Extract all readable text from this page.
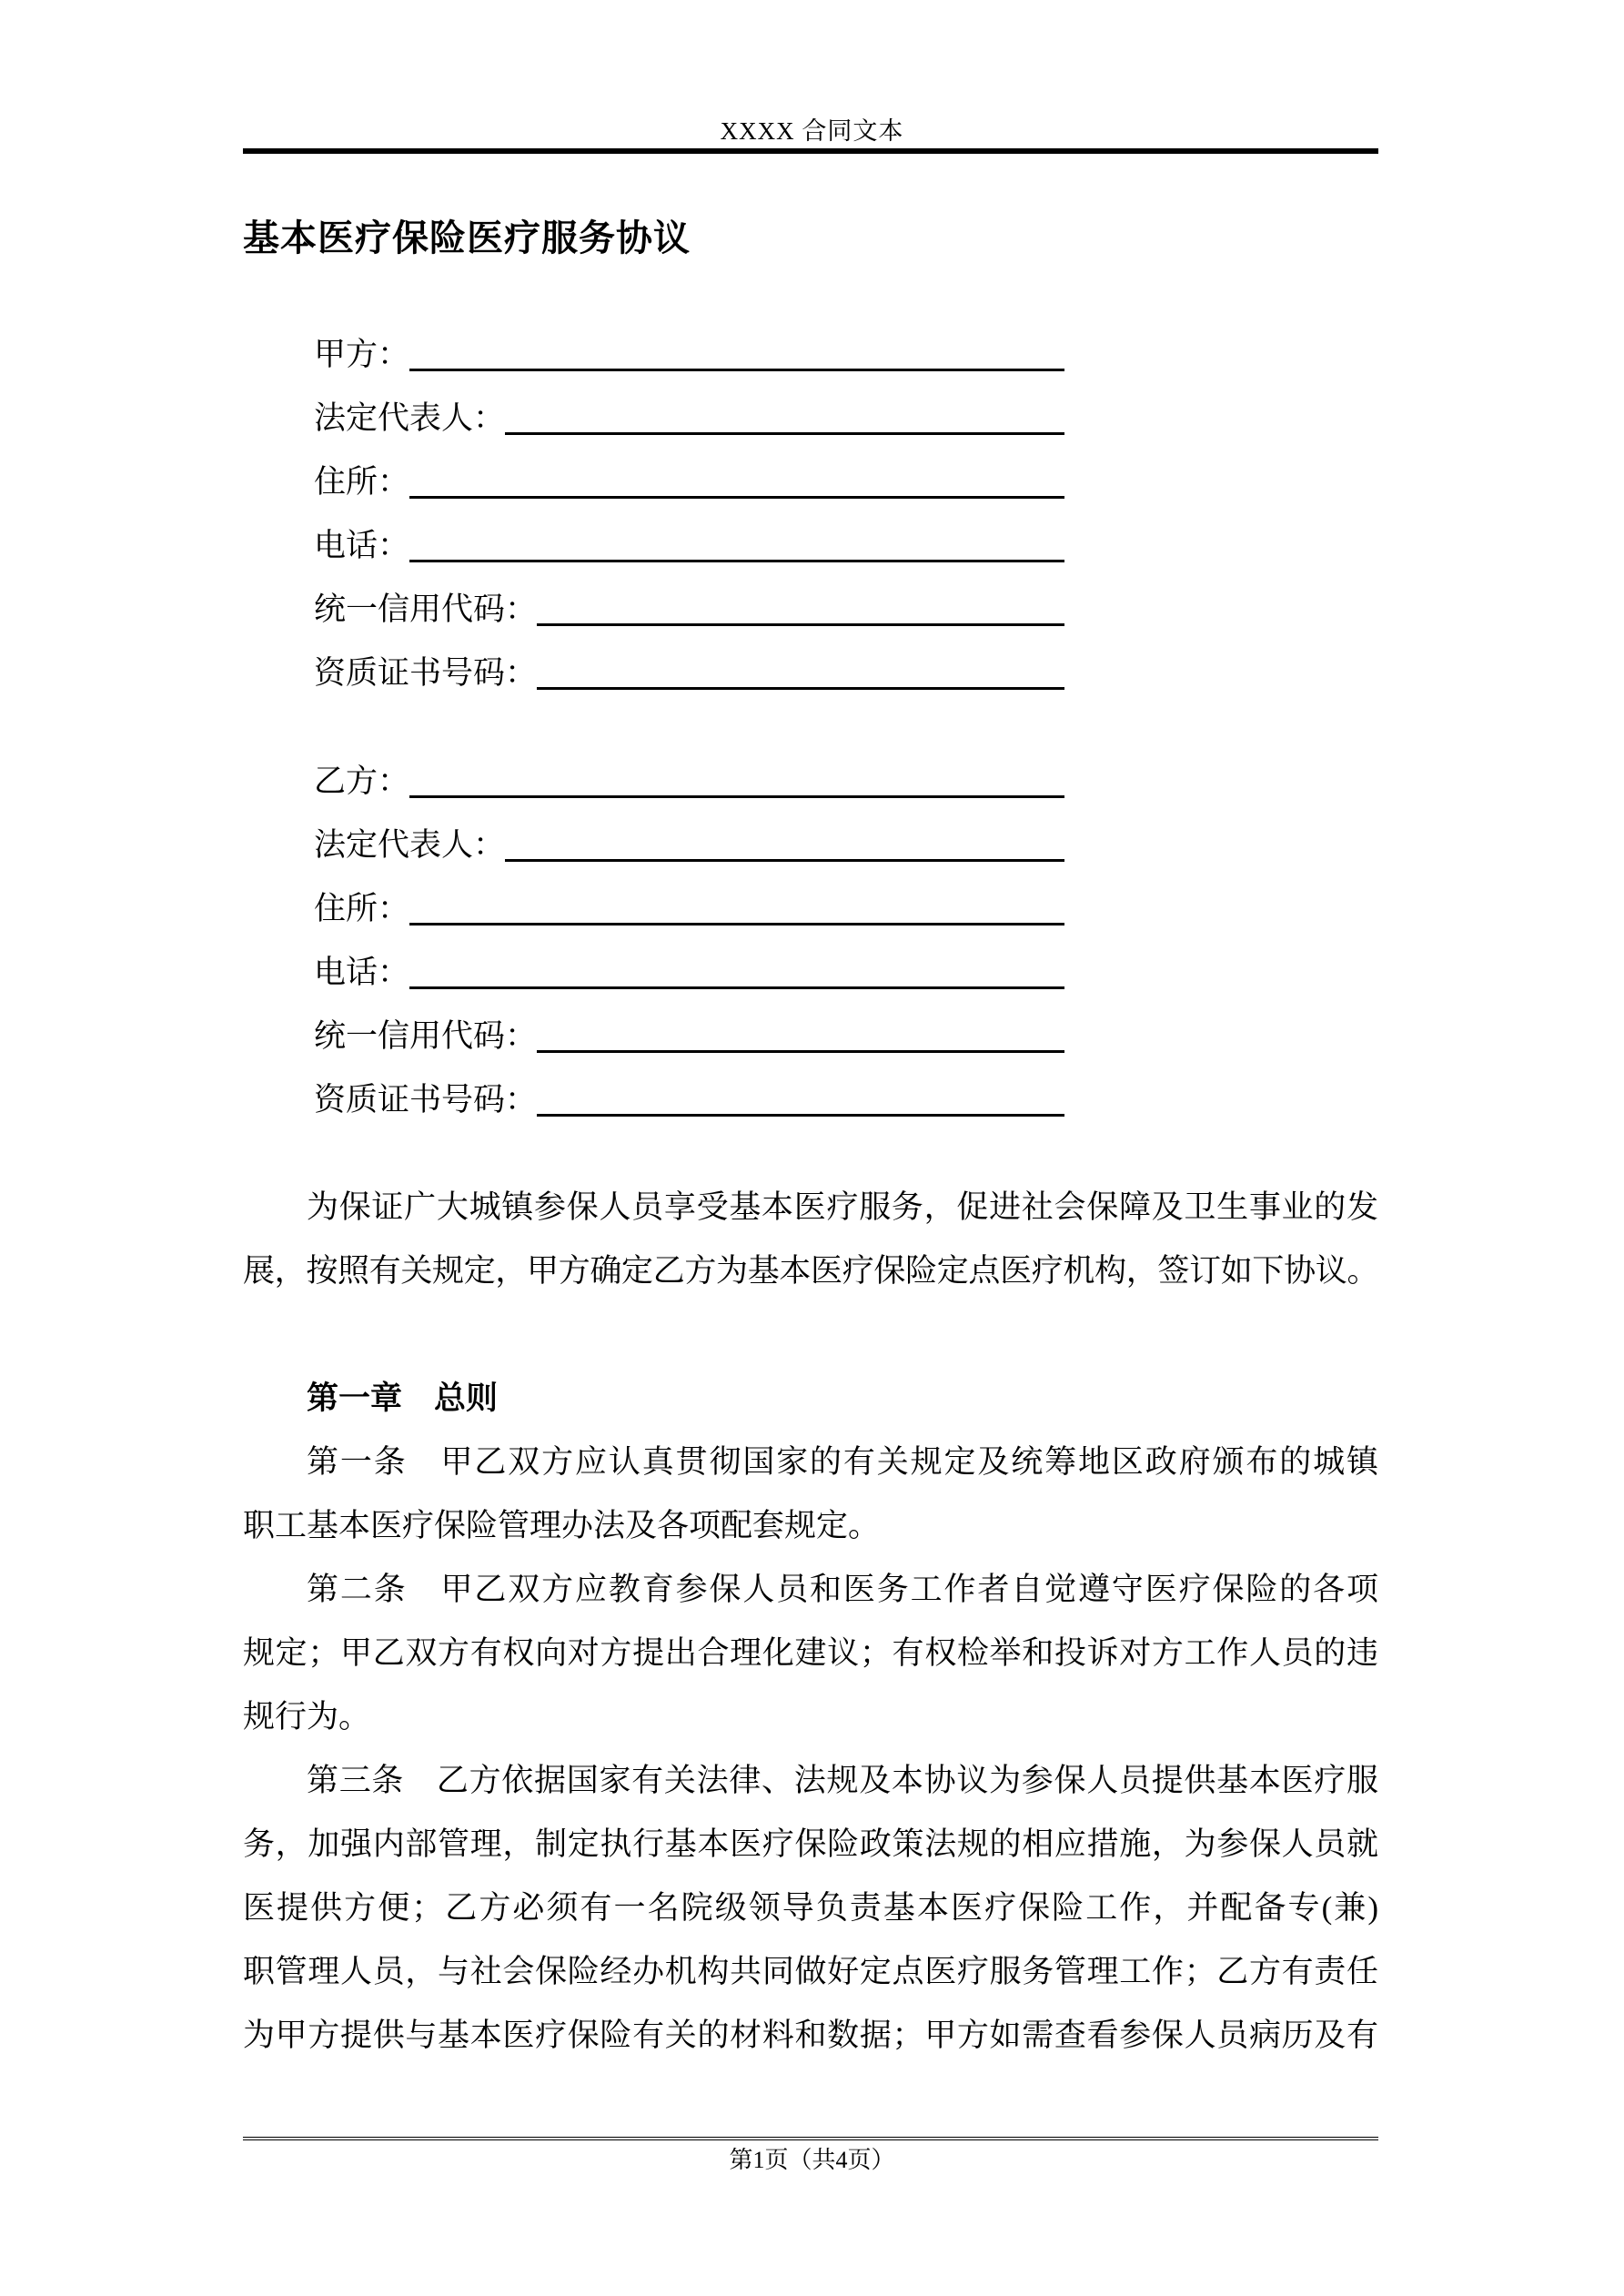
XXXX 合同文本
基本医疗保险医疗服务协议
甲方：
法定代表人：
住所：
电话：
统一信用代码：
资质证书号码：
乙方：
法定代表人：
住所：
电话：
统一信用代码：
资质证书号码：
为保证广大城镇参保人员享受基本医疗服务，促进社会保障及卫生事业的发
展，按照有关规定，甲方确定乙方为基本医疗保险定点医疗机构，签订如下协议。
第一章　总则
第一条　甲乙双方应认真贯彻国家的有关规定及统筹地区政府颁布的城镇
职工基本医疗保险管理办法及各项配套规定。
第二条　甲乙双方应教育参保人员和医务工作者自觉遵守医疗保险的各项
规定；甲乙双方有权向对方提出合理化建议；有权检举和投诉对方工作人员的违
规行为。
第三条　乙方依据国家有关法律、法规及本协议为参保人员提供基本医疗服
务，加强内部管理，制定执行基本医疗保险政策法规的相应措施，为参保人员就
医提供方便；乙方必须有一名院级领导负责基本医疗保险工作，并配备专(兼)
职管理人员，与社会保险经办机构共同做好定点医疗服务管理工作；乙方有责任
为甲方提供与基本医疗保险有关的材料和数据；甲方如需查看参保人员病历及有
第1页（共4页）
